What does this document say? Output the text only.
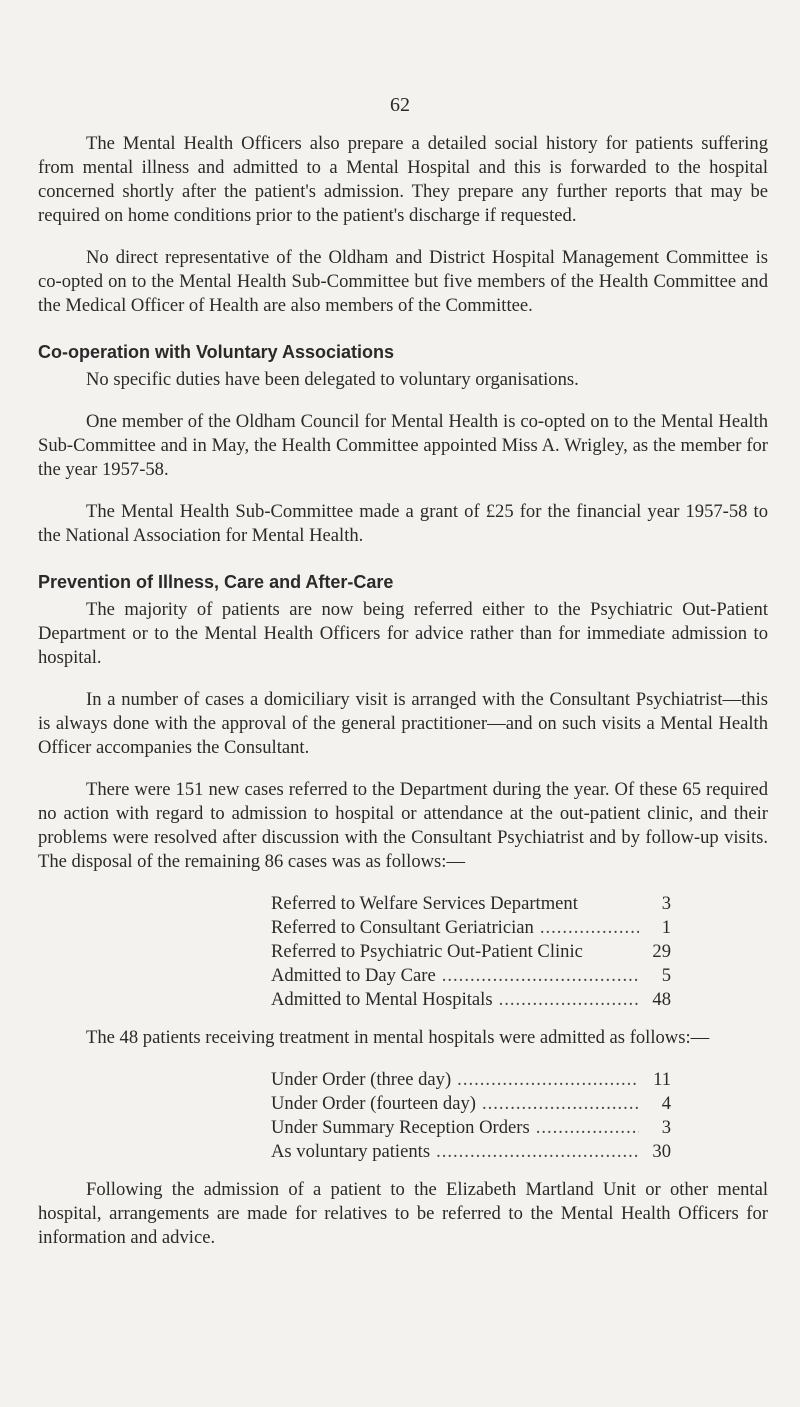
62

The Mental Health Officers also prepare a detailed social history for patients suffering from mental illness and admitted to a Mental Hospital and this is forwarded to the hospital concerned shortly after the patient's admission. They prepare any further reports that may be required on home conditions prior to the patient's discharge if requested.

No direct representative of the Oldham and District Hospital Management Committee is co-opted on to the Mental Health Sub-Committee but five members of the Health Committee and the Medical Officer of Health are also members of the Committee.

Co-operation with Voluntary Associations

No specific duties have been delegated to voluntary organisations.

One member of the Oldham Council for Mental Health is co-opted on to the Mental Health Sub-Committee and in May, the Health Committee appointed Miss A. Wrigley, as the member for the year 1957-58.

The Mental Health Sub-Committee made a grant of £25 for the financial year 1957-58 to the National Association for Mental Health.

Prevention of Illness, Care and After-Care

The majority of patients are now being referred either to the Psychiatric Out-Patient Department or to the Mental Health Officers for advice rather than for immediate admission to hospital.

In a number of cases a domiciliary visit is arranged with the Consultant Psychiatrist—this is always done with the approval of the general practitioner—and on such visits a Mental Health Officer accompanies the Consultant.

There were 151 new cases referred to the Department during the year. Of these 65 required no action with regard to admission to hospital or attendance at the out-patient clinic, and their problems were resolved after discussion with the Consultant Psychiatrist and by follow-up visits. The disposal of the remaining 86 cases was as follows:—

Referred to Welfare Services Department	3
Referred to Consultant Geriatrician .....	1
Referred to Psychiatric Out-Patient Clinic	29
Admitted to Day Care .....	5
Admitted to Mental Hospitals .....	48

The 48 patients receiving treatment in mental hospitals were admitted as follows:—

Under Order (three day) .....	11
Under Order (fourteen day) .....	4
Under Summary Reception Orders .....	3
As voluntary patients .....	30

Following the admission of a patient to the Elizabeth Martland Unit or other mental hospital, arrangements are made for relatives to be referred to the Mental Health Officers for information and advice.
